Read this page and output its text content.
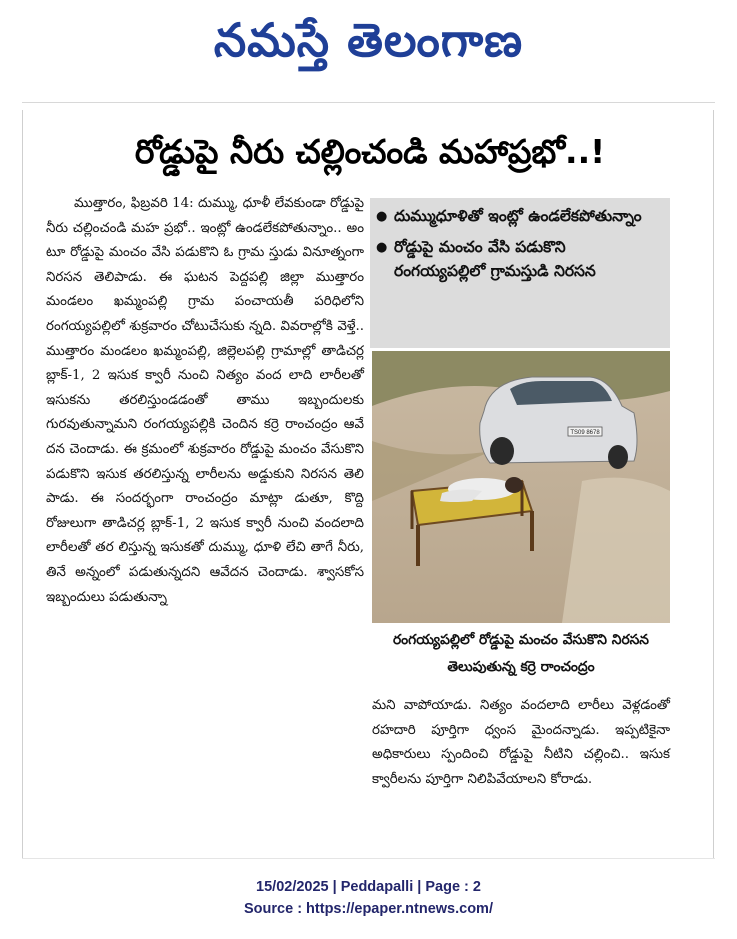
నమస్తే తెలంగాణ
రోడ్డుపై నీరు చల్లించండి మహాప్రభో..!

ముత్తారం, ఫిబ్రవరి 14: దుమ్ము, ధూళీ లేవకుండా రోడ్డుపై నీరు చల్లించండి మహ ప్రభో.. ఇంట్లో ఉండలేకపోతున్నాం.. అం టూ రోడ్డుపై మంచం వేసి పడుకొని ఓ గ్రామ స్తుడు వినూత్నంగా నిరసన తెలిపాడు. ఈ ఘటన పెద్దపల్లి జిల్లా ముత్తారం మండలం ఖమ్మంపల్లి గ్రామ పంచాయతీ పరిధిలోని రంగయ్యపల్లిలో శుక్రవారం చోటుచేసుకు న్నది. వివరాల్లోకి వెళ్తే.. ముత్తారం మండలం ఖమ్మంపల్లి, జిల్లెలపల్లి గ్రామాల్లో తాడిచర్ల బ్లాక్-1, 2 ఇసుక క్వారీ నుంచి నిత్యం వంద లాది లారీలతో ఇసుకను తరలిస్తుండడంతో తాము ఇబ్బందులకు గురవుతున్నామని రంగయ్యపల్లికి చెందిన కర్రె రాంచంద్రం ఆవే దన చెందాడు. ఈ క్రమంలో శుక్రవారం రోడ్డుపై మంచం వేసుకొని పడుకొని ఇసుక తరలిస్తున్న లారీలను అడ్డుకుని నిరసన తెలి పాడు. ఈ సందర్భంగా రాంచంద్రం మాట్లా డుతూ, కొద్ది రోజులుగా తాడిచర్ల బ్లాక్-1, 2 ఇసుక క్వారీ నుంచి వందలాది లారీలతో తర లిస్తున్న ఇసుకతో దుమ్ము, ధూళి లేచి తాగే నీరు, తినే అన్నంలో పడుతున్నదని ఆవేదన చెందాడు. శ్వాసకోస ఇబ్బందులు పడుతున్నా

● దుమ్ముధూళితో ఇంట్లో ఉండలేకపోతున్నాం
● రోడ్డుపై మంచం వేసి పడుకొని రంగయ్యపల్లిలో గ్రామస్తుడి నిరసన
TS09 8678
రంగయ్యపల్లిలో రోడ్డుపై మంచం వేసుకొని నిరసన తెలుపుతున్న కర్రె రాంచంద్రం

మని వాపోయాడు. నిత్యం వందలాది లారీలు వెళ్లడంతో రహదారి పూర్తిగా ధ్వంస మైందన్నాడు. ఇప్పటికైనా అధికారులు స్పందించి రోడ్డుపై నీటిని చల్లించి.. ఇసుక క్వారీలను పూర్తిగా నిలిపివేయాలని కోరాడు.

15/02/2025 | Peddapalli | Page : 2
Source : https://epaper.ntnews.com/
